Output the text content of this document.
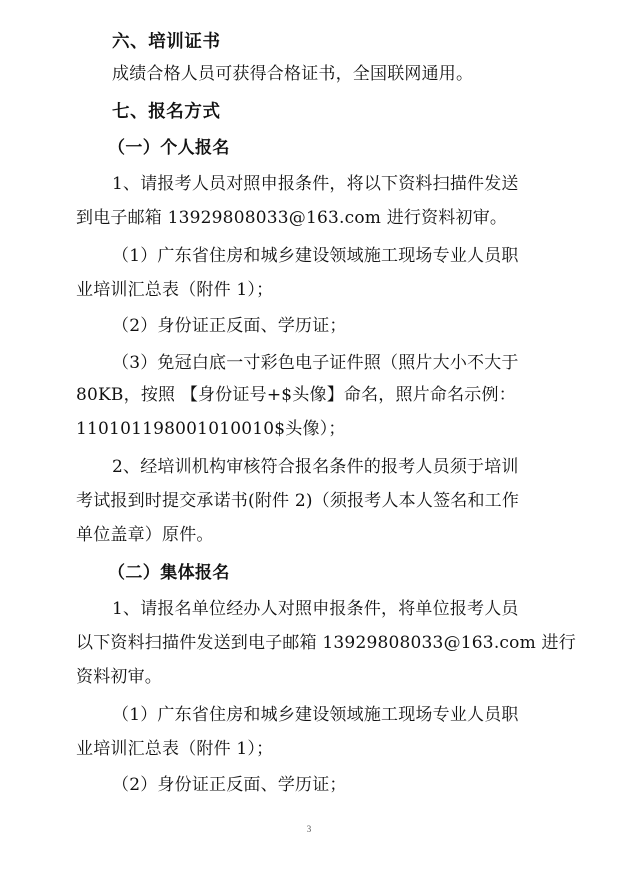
六、培训证书
成绩合格人员可获得合格证书，全国联网通用。
七、报名方式
（一）个人报名
1、请报考人员对照申报条件，将以下资料扫描件发送
到电子邮箱 13929808033@163.com 进行资料初审。
（1）广东省住房和城乡建设领域施工现场专业人员职
业培训汇总表（附件 1）；
（2）身份证正反面、学历证；
（3）免冠白底一寸彩色电子证件照（照片大小不大于
80KB，按照 【身份证号+$头像】命名，照片命名示例：
110101198001010010$头像）；
2、经培训机构审核符合报名条件的报考人员须于培训
考试报到时提交承诺书(附件 2)（须报考人本人签名和工作
单位盖章）原件。
（二）集体报名
1、请报名单位经办人对照申报条件，将单位报考人员
以下资料扫描件发送到电子邮箱 13929808033@163.com 进行
资料初审。
（1）广东省住房和城乡建设领域施工现场专业人员职
业培训汇总表（附件 1）；
（2）身份证正反面、学历证；
3
